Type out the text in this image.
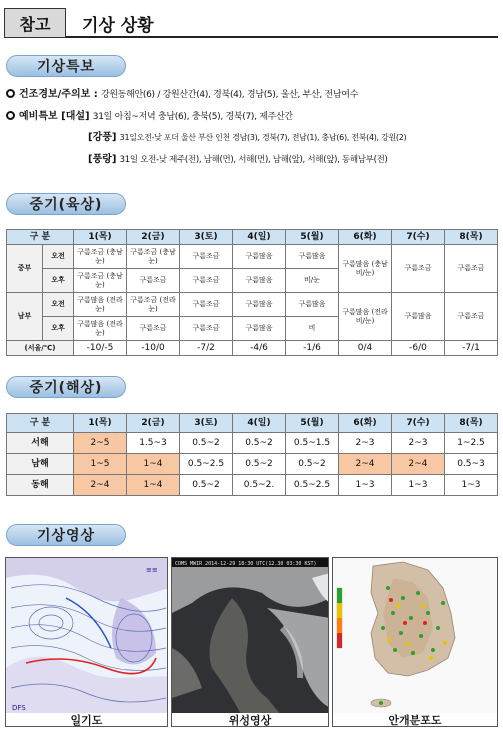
참고	기상 상황
기상특보
건조경보/주의보 : 강원동해안(6) / 강원산간(4), 경북(4), 경남(5), 울산, 부산, 전남여수
예비특보 [대설] 31일 아침~저녁 충남(6), 충북(5), 경북(7), 제주산간
[강풍] 31일오전-낮 포더 울산 부산 인천 경남(3), 경북(7), 전남(1), 충남(6), 전북(4), 강원(2)
[풍랑] 31일 오전-낮 제주(전), 남해(먼), 서해(먼), 남해(앞), 서해(앞), 동해남부(전)
중기(육상)
구 분		1(목)	2(금)	3(토)	4(일)	5(월)	6(화)	7(수)	8(목)
중부	오전	구름조금 (충남 눈)	구름조금 (충남 눈)	구름조금	구름많음	구름많음	구름많음 (충남 비/눈)	구름조금	구름조금
	오후	구름조금 (충남 눈)	구름조금	구름조금	구름많음	비/눈			
남부	오전	구름많음 (전라 눈)	구름조금 (전라 눈)	구름조금	구름많음	구름많음	구름많음 (전라 비/눈)	구름많음	구름조금
	오후	구름많음 (전라 눈)	구름조금	구름조금	구름많음	비			
(서울/℃)		-10/-5	-10/0	-7/2	-4/6	-1/6	0/4	-6/0	-7/1
중기(해상)
구 분	1(목)	2(금)	3(토)	4(일)	5(월)	6(화)	7(수)	8(목)
서해	2~5	1.5~3	0.5~2	0.5~2	0.5~1.5	2~3	2~3	1~2.5
남해	1~5	1~4	0.5~2.5	0.5~2	0.5~2	2~4	2~4	0.5~3
동해	2~4	1~4	0.5~2	0.5~2.	0.5~2.5	1~3	1~3	1~3
기상영상
≡≡
DFS
일기도
COMS MWIR 2014-12-29 18:30 UTC(12.30 03:30 KST)
위성영상	안개분포도
